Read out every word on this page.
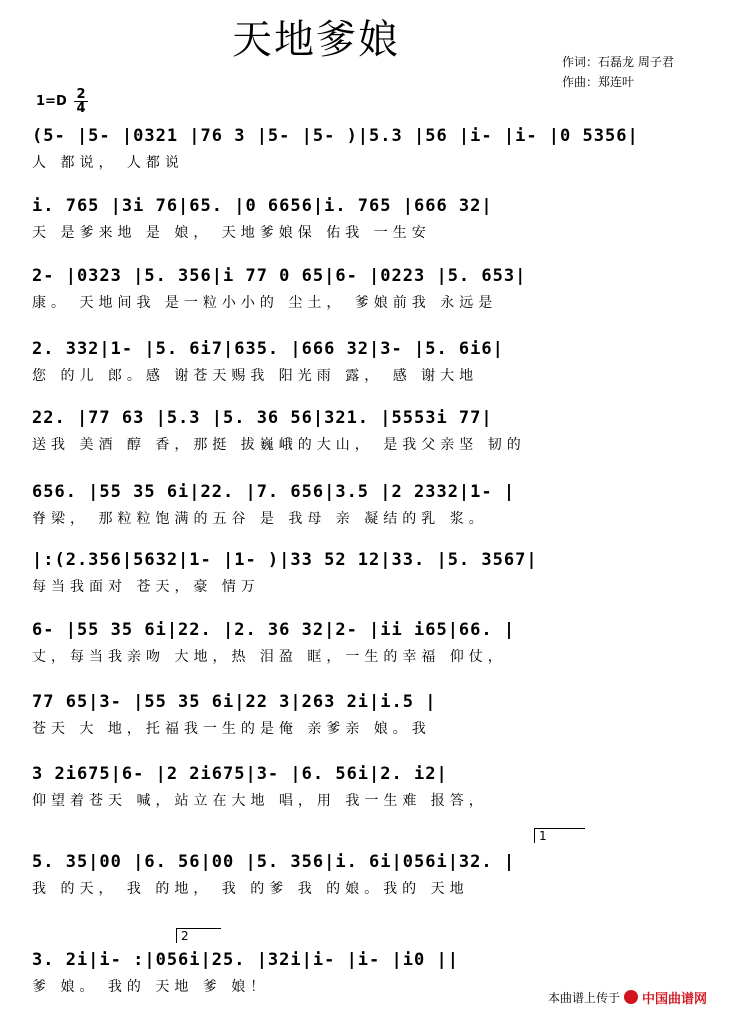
天地爹娘	作词：石磊龙 周子君
作曲：郑连叶
1=D 2
4
(5- |5- |0321 |76 3 |5- |5- )|5.3 |56 |i- |i- |0 5356|
人 都说， 人都说
i. 765 |3i 76|65. |0 6656|i. 765 |666 32|
天 是爹来地 是 娘， 天地爹娘保 佑我 一生安
2- |0323 |5. 356|i 77 0 65|6- |0223 |5. 653|
康。 天地间我 是一粒小小的 尘土， 爹娘前我 永远是
2. 332|1- |5. 6i7|635. |666 32|3- |5. 6i6|
您 的儿 郎。感 谢苍天赐我 阳光雨 露， 感 谢大地
22. |77 63 |5.3 |5. 36 56|321. |5553i 77|
送我 美酒 醇 香，那挺 拔巍峨的大山， 是我父亲坚 韧的
656. |55 35 6i|22. |7. 656|3.5 |2 2332|1- |
脊梁， 那粒粒饱满的五谷 是 我母 亲 凝结的乳 浆。
|:(2.356|5632|1- |1- )|33 52 12|33. |5. 3567|
每当我面对 苍天，豪 情万
6- |55 35 6i|22. |2. 36 32|2- |ii i65|66. |
丈，每当我亲吻 大地，热 泪盈 眶，一生的幸福 仰仗，
77 65|3- |55 35 6i|22 3|263 2i|i.5 |
苍天 大 地，托福我一生的是俺 亲爹亲 娘。我
3 2i675|6- |2 2i675|3- |6. 56i|2. i2|
仰望着苍天 喊，站立在大地 唱，用 我一生难 报答，
1
5. 35|00 |6. 56|00 |5. 356|i. 6i|056i|32. |
我 的天， 我 的地， 我 的爹 我 的娘。我的 天地
2
3. 2i|i- :|056i|25. |32i|i- |i- |i0 ||
爹 娘。 我的 天地 爹 娘！
本曲谱上传于 中国曲谱网
